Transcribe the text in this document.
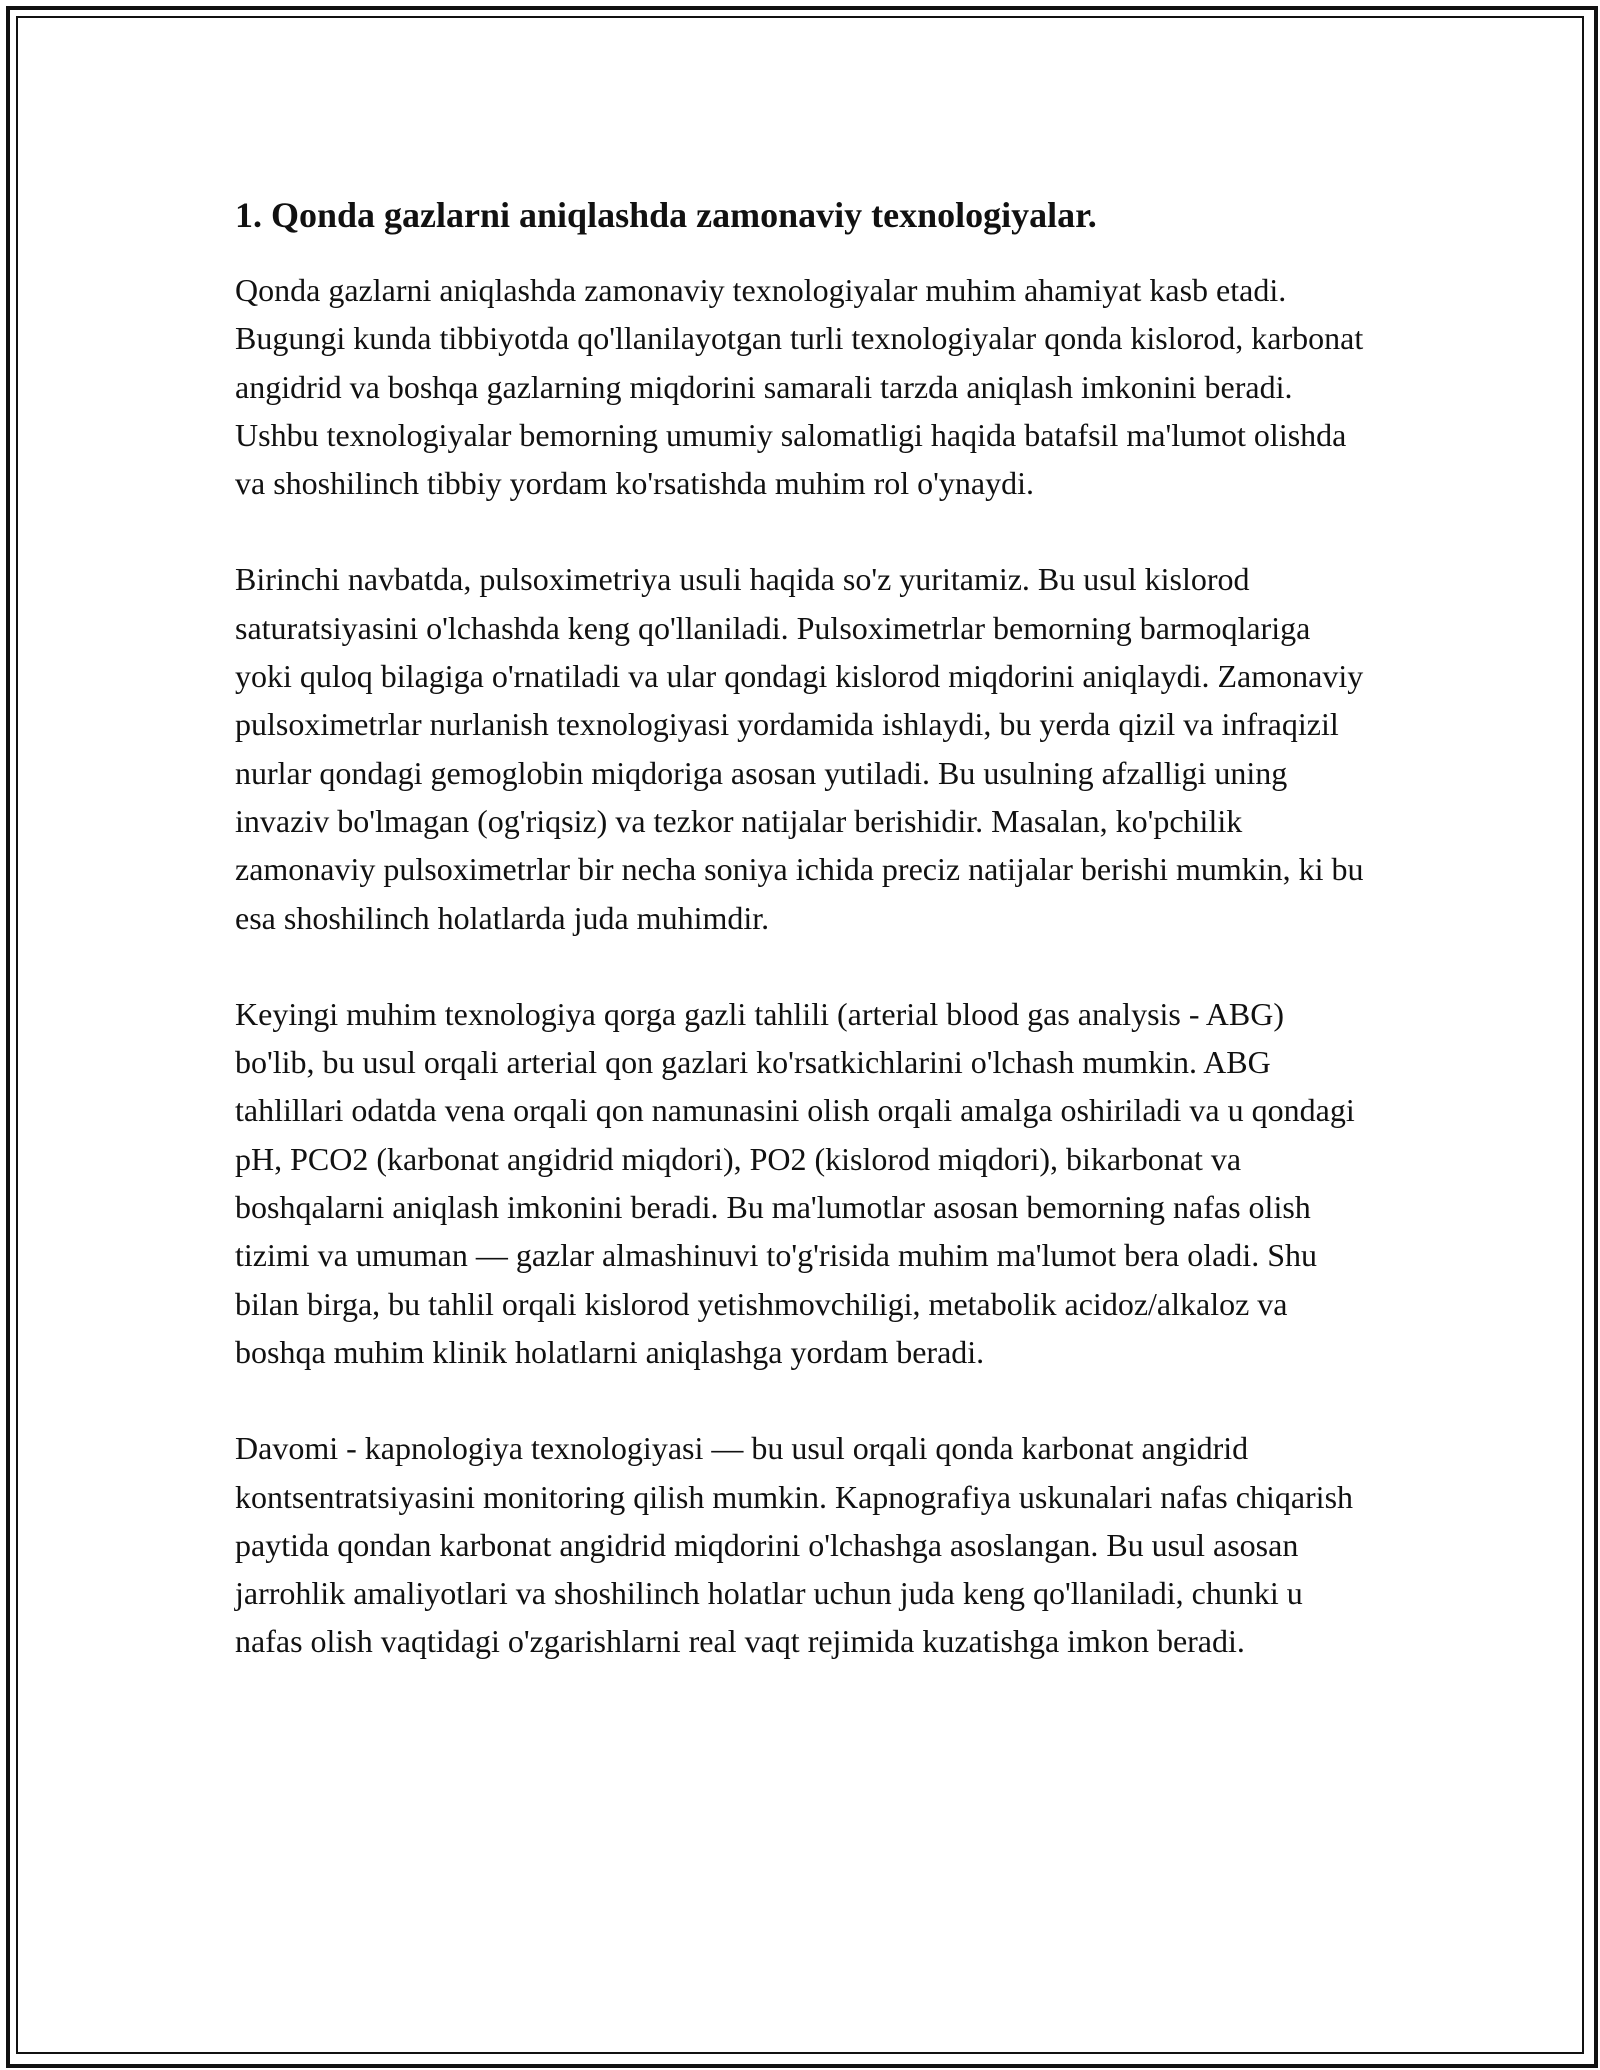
1. Qonda gazlarni aniqlashda zamonaviy texnologiyalar.

Qonda gazlarni aniqlashda zamonaviy texnologiyalar muhim ahamiyat kasb etadi. Bugungi kunda tibbiyotda qo'llanilayotgan turli texnologiyalar qonda kislorod, karbonat angidrid va boshqa gazlarning miqdorini samarali tarzda aniqlash imkonini beradi. Ushbu texnologiyalar bemorning umumiy salomatligi haqida batafsil ma'lumot olishda va shoshilinch tibbiy yordam ko'rsatishda muhim rol o'ynaydi.

Birinchi navbatda, pulsoximetriya usuli haqida so'z yuritamiz. Bu usul kislorod saturatsiyasini o'lchashda keng qo'llaniladi. Pulsoximetrlar bemorning barmoqlariga yoki quloq bilagiga o'rnatiladi va ular qondagi kislorod miqdorini aniqlaydi. Zamonaviy pulsoximetrlar nurlanish texnologiyasi yordamida ishlaydi, bu yerda qizil va infraqizil nurlar qondagi gemoglobin miqdoriga asosan yutiladi. Bu usulning afzalligi uning invaziv bo'lmagan (og'riqsiz) va tezkor natijalar berishidir. Masalan, ko'pchilik zamonaviy pulsoximetrlar bir necha soniya ichida preciz natijalar berishi mumkin, ki bu esa shoshilinch holatlarda juda muhimdir.

Keyingi muhim texnologiya qorga gazli tahlili (arterial blood gas analysis - ABG) bo'lib, bu usul orqali arterial qon gazlari ko'rsatkichlarini o'lchash mumkin. ABG tahlillari odatda vena orqali qon namunasini olish orqali amalga oshiriladi va u qondagi pH, PCO2 (karbonat angidrid miqdori), PO2 (kislorod miqdori), bikarbonat va boshqalarni aniqlash imkonini beradi. Bu ma'lumotlar asosan bemorning nafas olish tizimi va umuman — gazlar almashinuvi to'g'risida muhim ma'lumot bera oladi. Shu bilan birga, bu tahlil orqali kislorod yetishmovchiligi, metabolik acidoz/alkaloz va boshqa muhim klinik holatlarni aniqlashga yordam beradi.

Davomi - kapnologiya texnologiyasi — bu usul orqali qonda karbonat angidrid kontsentratsiyasini monitoring qilish mumkin. Kapnografiya uskunalari nafas chiqarish paytida qondan karbonat angidrid miqdorini o'lchashga asoslangan. Bu usul asosan jarrohlik amaliyotlari va shoshilinch holatlar uchun juda keng qo'llaniladi, chunki u nafas olish vaqtidagi o'zgarishlarni real vaqt rejimida kuzatishga imkon beradi.
